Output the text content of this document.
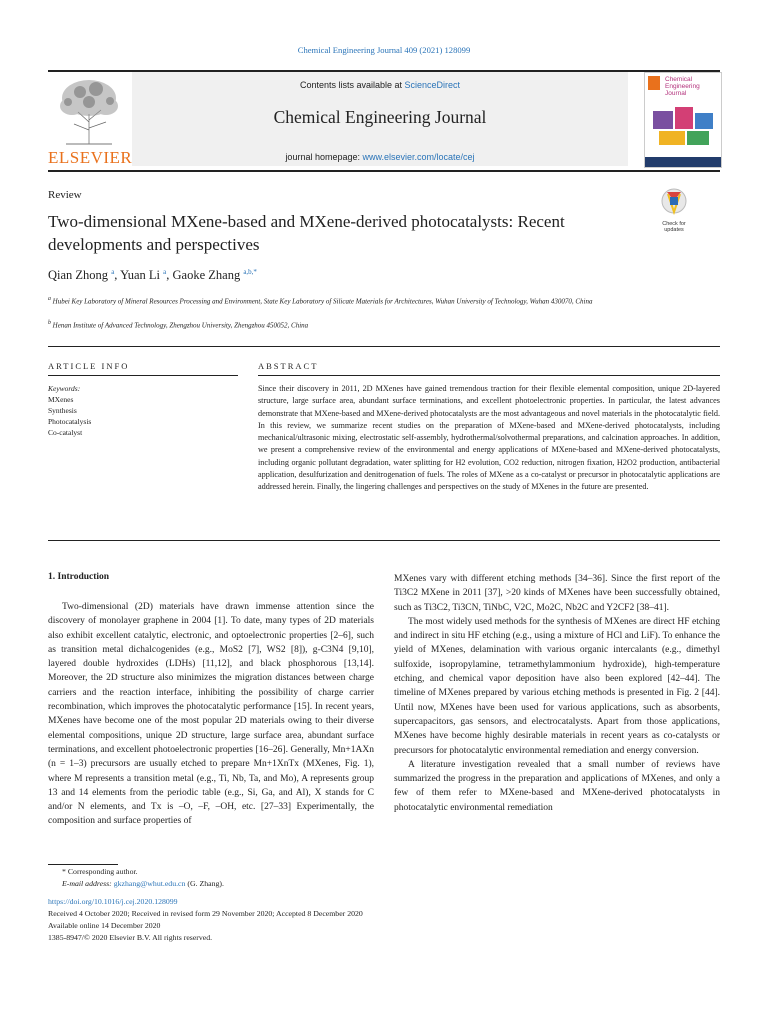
Chemical Engineering Journal 409 (2021) 128099
ELSEVIER
Contents lists available at ScienceDirect
Chemical Engineering Journal
journal homepage: www.elsevier.com/locate/cej
Chemical
Engineering
Journal
Review
Two-dimensional MXene-based and MXene-derived photocatalysts: Recent developments and perspectives
Check for
updates
Qian Zhong $^a$, Yuan Li $^a$, Gaoke Zhang $^{a,b,*}$
$^a$ Hubei Key Laboratory of Mineral Resources Processing and Environment, State Key Laboratory of Silicate Materials for Architectures, Wuhan University of Technology, Wuhan 430070, China
$^b$ Henan Institute of Advanced Technology, Zhengzhou University, Zhengzhou 450052, China
ARTICLE INFO	ABSTRACT
Keywords:
MXenes
Synthesis
Photocatalysis
Co-catalyst
Since their discovery in 2011, 2D MXenes have gained tremendous traction for their flexible elemental composition, unique 2D-layered structure, large surface area, abundant surface terminations, and excellent photoelectronic properties. In particular, the latest advances demonstrate that MXene-based and MXene-derived photocatalysts are the most advantageous and novel materials in the photocatalytic field. In this review, we summarize recent studies on the preparation of MXene-based and MXene-derived photocatalysts, including mechanical/ultrasonic mixing, electrostatic self-assembly, hydrothermal/solvothermal preparations, and calcination approaches. In addition, we present a comprehensive review of the environmental and energy applications of MXene-based and MXene-derived photocatalysts, including organic pollutant degradation, water splitting for H2 evolution, CO2 reduction, nitrogen fixation, H2O2 production, antibacterial application, desulfurization and denitrogenation of fuels. The roles of MXene as a co-catalyst or precursor in photocatalytic applications are addressed herein. Finally, the lingering challenges and perspectives on the study of MXenes in the future are presented.
1. Introduction

Two-dimensional (2D) materials have drawn immense attention since the discovery of monolayer graphene in 2004 [1]. To date, many types of 2D materials also exhibit excellent catalytic, electronic, and optoelectronic properties [2–6], such as transition metal dichalcogenides (e.g., MoS2 [7], WS2 [8]), g-C3N4 [9,10], layered double hydroxides (LDHs) [11,12], and black phosphorous [13,14]. Moreover, the 2D structure also minimizes the migration distances between charge carriers and the reaction interface, inhibiting the possibility of charge carrier recombination, which improves the photocatalytic performance [15]. In recent years, MXenes have become one of the most popular 2D materials owing to their diverse elemental compositions, unique 2D structure, large surface area, abundant surface terminations, and excellent photoelectronic properties [16–26]. Generally, Mn+1AXn (n = 1–3) precursors are usually etched to prepare Mn+1XnTx (MXenes, Fig. 1), where M represents a transition metal (e.g., Ti, Nb, Ta, and Mo), A represents group 13 and 14 elements from the periodic table (e.g., Si, Ga, and Al), X stands for C and/or N elements, and Tx is –O, –F, –OH, etc. [27–33] Experimentally, the composition and surface properties of

MXenes vary with different etching methods [34–36]. Since the first report of the Ti3C2 MXene in 2011 [37], >20 kinds of MXenes have been successfully obtained, such as Ti3C2, Ti3CN, TiNbC, V2C, Mo2C, Nb2C and Y2CF2 [38–41].

The most widely used methods for the synthesis of MXenes are direct HF etching and indirect in situ HF etching (e.g., using a mixture of HCl and LiF). To enhance the yield of MXenes, delamination with various organic intercalants (e.g., dimethyl sulfoxide, isopropylamine, tetramethylammonium hydroxide), high-temperature etching, and chemical vapor deposition have also been explored [42–44]. The timeline of MXenes prepared by various etching methods is presented in Fig. 2 [44]. Until now, MXenes have been used for various applications, such as absorbents, supercapacitors, gas sensors, and electrocatalysts. Apart from those applications, MXenes have become highly desirable materials in recent years as co-catalysts or precursors for photocatalytic environmental remediation and energy conversion.

A literature investigation revealed that a small number of reviews have summarized the progress in the preparation and applications of MXenes, and only a few of them refer to MXene-based and MXene-derived photocatalysts in photocatalytic environmental remediation

* Corresponding author.
E-mail address: gkzhang@whut.edu.cn (G. Zhang).
https://doi.org/10.1016/j.cej.2020.128099
Received 4 October 2020; Received in revised form 29 November 2020; Accepted 8 December 2020
Available online 14 December 2020
1385-8947/© 2020 Elsevier B.V. All rights reserved.
